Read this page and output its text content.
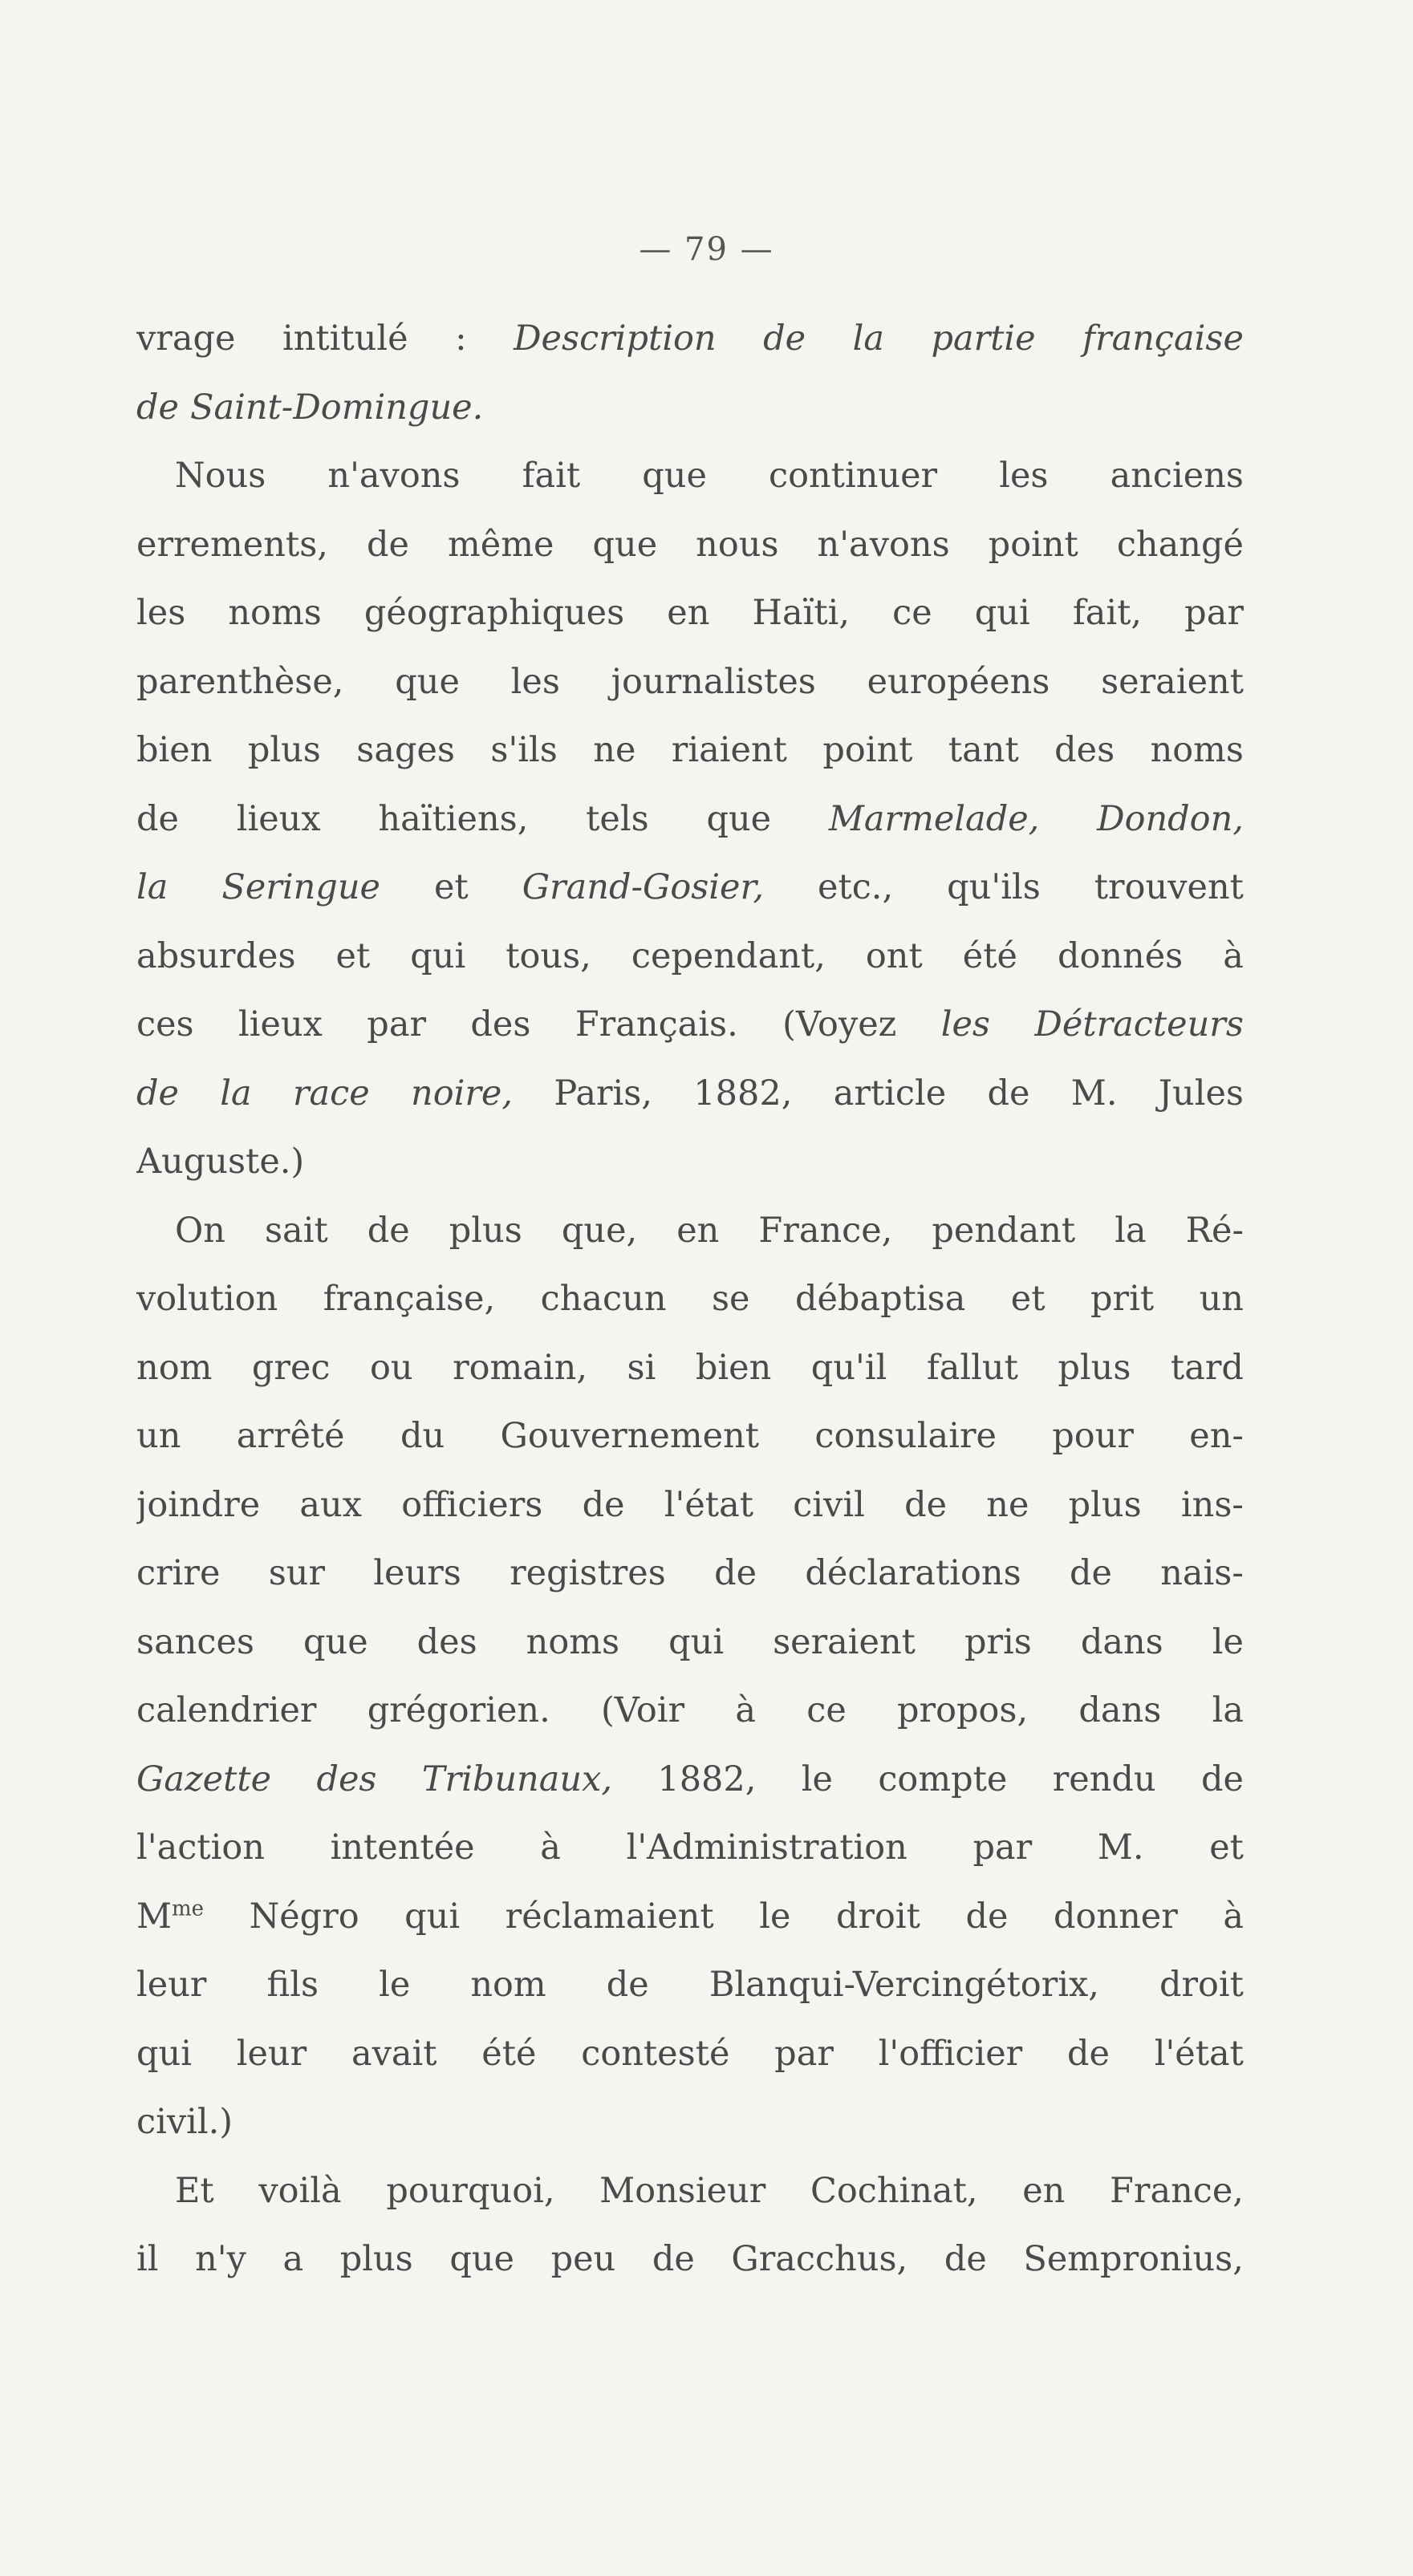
— 79 —
vrage intitulé : Description de la partie française
de Saint-Domingue.
Nous n'avons fait que continuer les anciens
errements, de même que nous n'avons point changé
les noms géographiques en Haïti, ce qui fait, par
parenthèse, que les journalistes européens seraient
bien plus sages s'ils ne riaient point tant des noms
de lieux haïtiens, tels que Marmelade, Dondon,
la Seringue et Grand-Gosier, etc., qu'ils trouvent
absurdes et qui tous, cependant, ont été donnés à
ces lieux par des Français. (Voyez les Détracteurs
de la race noire, Paris, 1882, article de M. Jules
Auguste.)
On sait de plus que, en France, pendant la Ré-
volution française, chacun se débaptisa et prit un
nom grec ou romain, si bien qu'il fallut plus tard
un arrêté du Gouvernement consulaire pour en-
joindre aux officiers de l'état civil de ne plus ins-
crire sur leurs registres de déclarations de nais-
sances que des noms qui seraient pris dans le
calendrier grégorien. (Voir à ce propos, dans la
Gazette des Tribunaux, 1882, le compte rendu de
l'action intentée à l'Administration par M. et
$M^{me}$ Négro qui réclamaient le droit de donner à
leur fils le nom de Blanqui-Vercingétorix, droit
qui leur avait été contesté par l'officier de l'état
civil.)
Et voilà pourquoi, Monsieur Cochinat, en France,
il n'y a plus que peu de Gracchus, de Sempronius,
